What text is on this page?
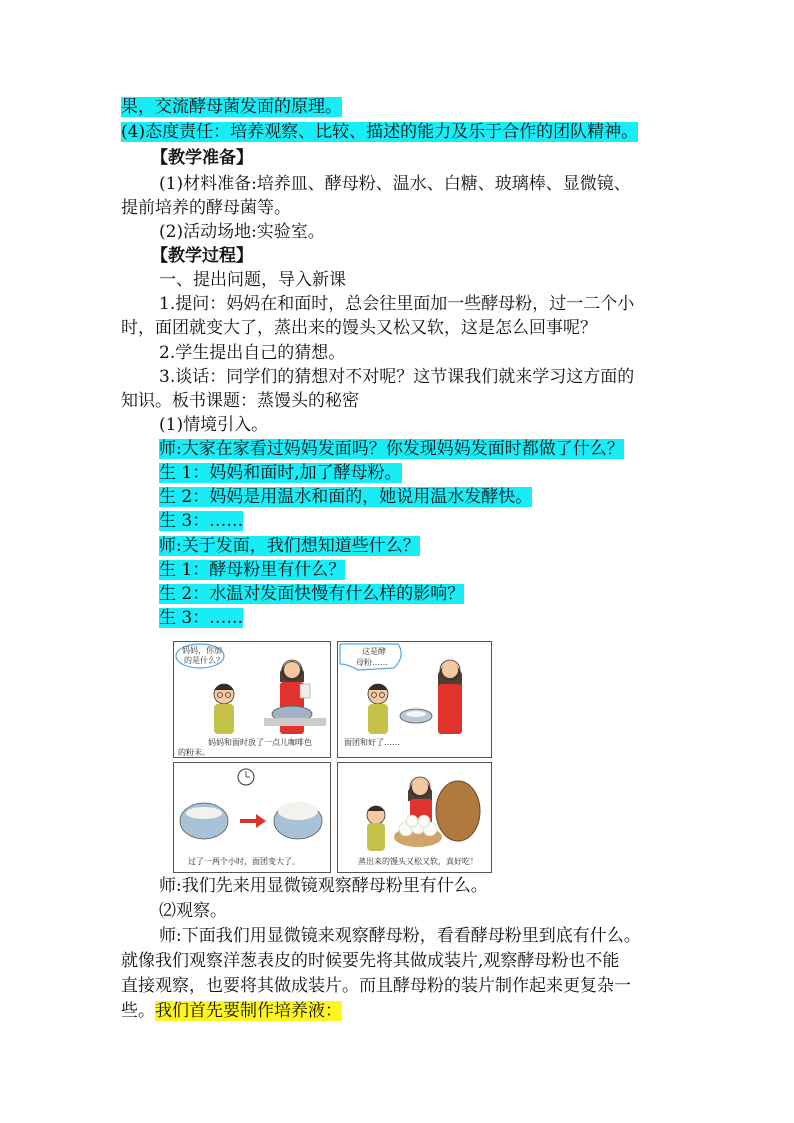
果，交流酵母菌发面的原理。
(4)态度责任：培养观察、比较、描述的能力及乐于合作的团队精神。
【教学准备】
(1)材料准备:培养皿、酵母粉、温水、白糖、玻璃棒、显微镜、
提前培养的酵母菌等。
(2)活动场地:实验室。
【教学过程】
一、提出问题，导入新课
1.提问：妈妈在和面时，总会往里面加一些酵母粉，过一二个小
时，面团就变大了，蒸出来的馒头又松又软，这是怎么回事呢？
2.学生提出自己的猜想。
3.谈话：同学们的猜想对不对呢？这节课我们就来学习这方面的
知识。板书课题：蒸馒头的秘密
(1)情境引入。
师:大家在家看过妈妈发面吗？你发现妈妈发面时都做了什么？
生 1：妈妈和面时,加了酵母粉。
生 2：妈妈是用温水和面的，她说用温水发酵快。
生 3：……
师:关于发面，我们想知道些什么？
生 1：酵母粉里有什么？
生 2：水温对发面快慢有什么样的影响？
生 3：……
妈妈，你加
的是什么？
妈妈和面时放了一点儿咖啡色
的粉末。
这是酵
母粉……
面团和好了……
过了一两个小时，面团变大了。	蒸出来的馒头又松又软，真好吃！
师:我们先来用显微镜观察酵母粉里有什么。
⑵观察。
师:下面我们用显微镜来观察酵母粉，看看酵母粉里到底有什么。
就像我们观察洋葱表皮的时候要先将其做成装片,观察酵母粉也不能
直接观察，也要将其做成装片。而且酵母粉的装片制作起来更复杂一
些。我们首先要制作培养液：
